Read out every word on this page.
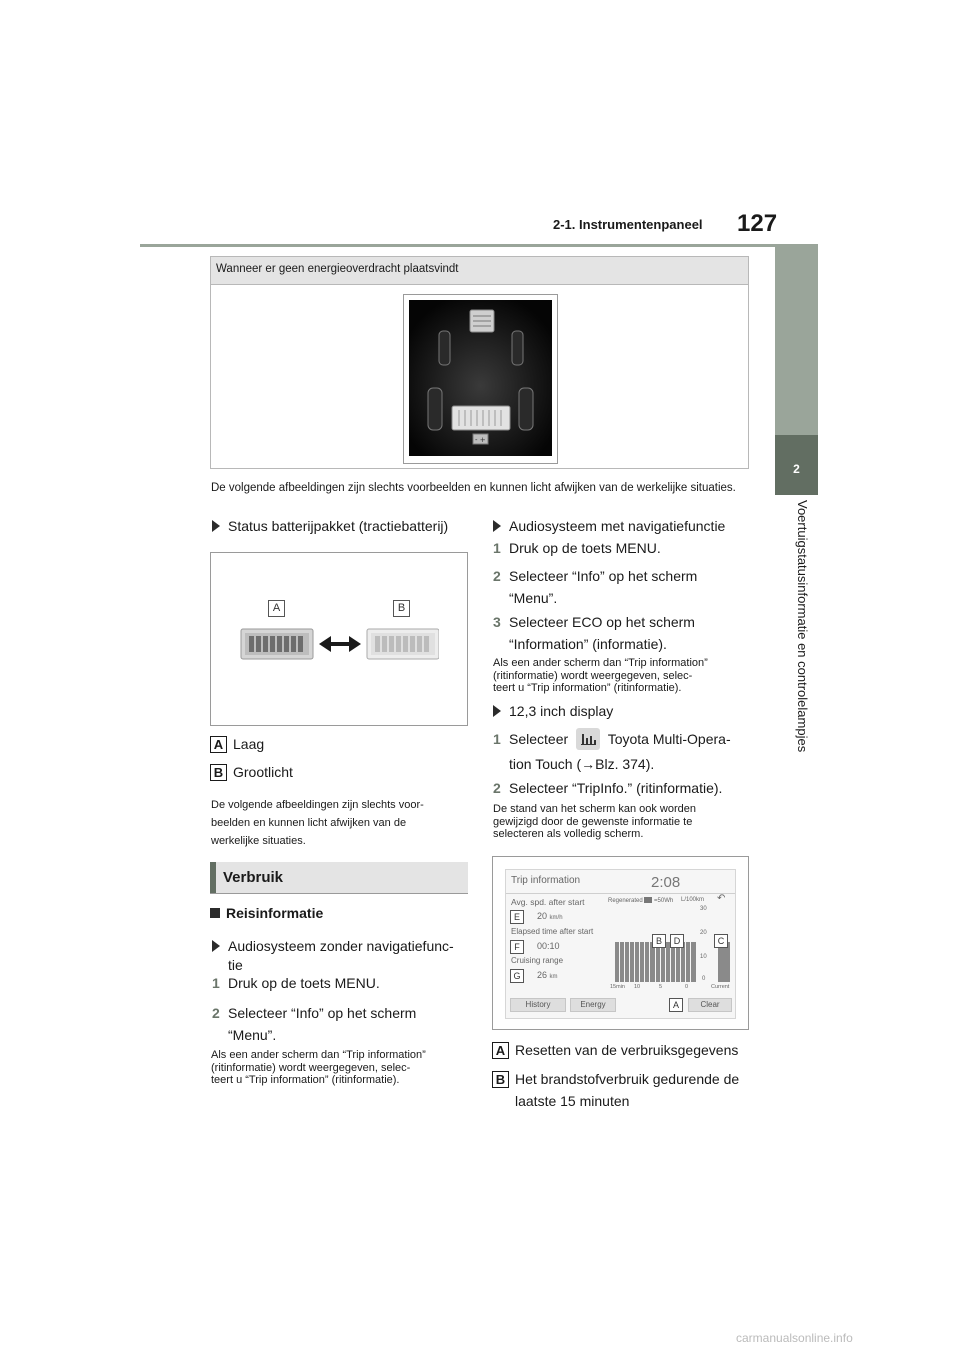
2-1. Instrumentenpaneel 127
2
Voertuigstatusinformatie en controlelampjes
Wanneer er geen energieoverdracht plaatsvindt
- +
De volgende afbeeldingen zijn slechts voorbeelden en kunnen licht afwijken van de werkelijke situaties.
Status batterijpakket (tractiebatterij)
A	B
A Laag
B Grootlicht
De volgende afbeeldingen zijn slechts voor-
beelden en kunnen licht afwijken van de
werkelijke situaties.
Verbruik
Reisinformatie
Audiosysteem zonder navigatiefunc-
tie
1 Druk op de toets MENU.
2 Selecteer “Info” op het scherm
“Menu”.
Als een ander scherm dan “Trip information”
(ritinformatie) wordt weergegeven, selec-
teert u “Trip information” (ritinformatie).
Audiosysteem met navigatiefunctie
1 Druk op de toets MENU.
2 Selecteer “Info” op het scherm
“Menu”.
3 Selecteer ECO op het scherm
“Information” (informatie).
Als een ander scherm dan “Trip information”
(ritinformatie) wordt weergegeven, selec-
teert u “Trip information” (ritinformatie).
12,3 inch display
1 Selecteer	Toyota Multi-Opera-
tion Touch (→Blz. 374).
2 Selecteer “TripInfo.” (ritinformatie).
De stand van het scherm kan ook worden
gewijzigd door de gewenste informatie te
selecteren als volledig scherm.
Trip information	2:08
Avg. spd. after start
E	20 km/h
Elapsed time after start
F	00:10
Cruising range
G	26 km
Regenerated =50Wh L/100km ↶
30
20
10
0
B	D	C
15min 10	5	0	Current
History	Energy	A	Clear
A Resetten van de verbruiksgegevens
B Het brandstofverbruik gedurende de
laatste 15 minuten
carmanualsonline.info
